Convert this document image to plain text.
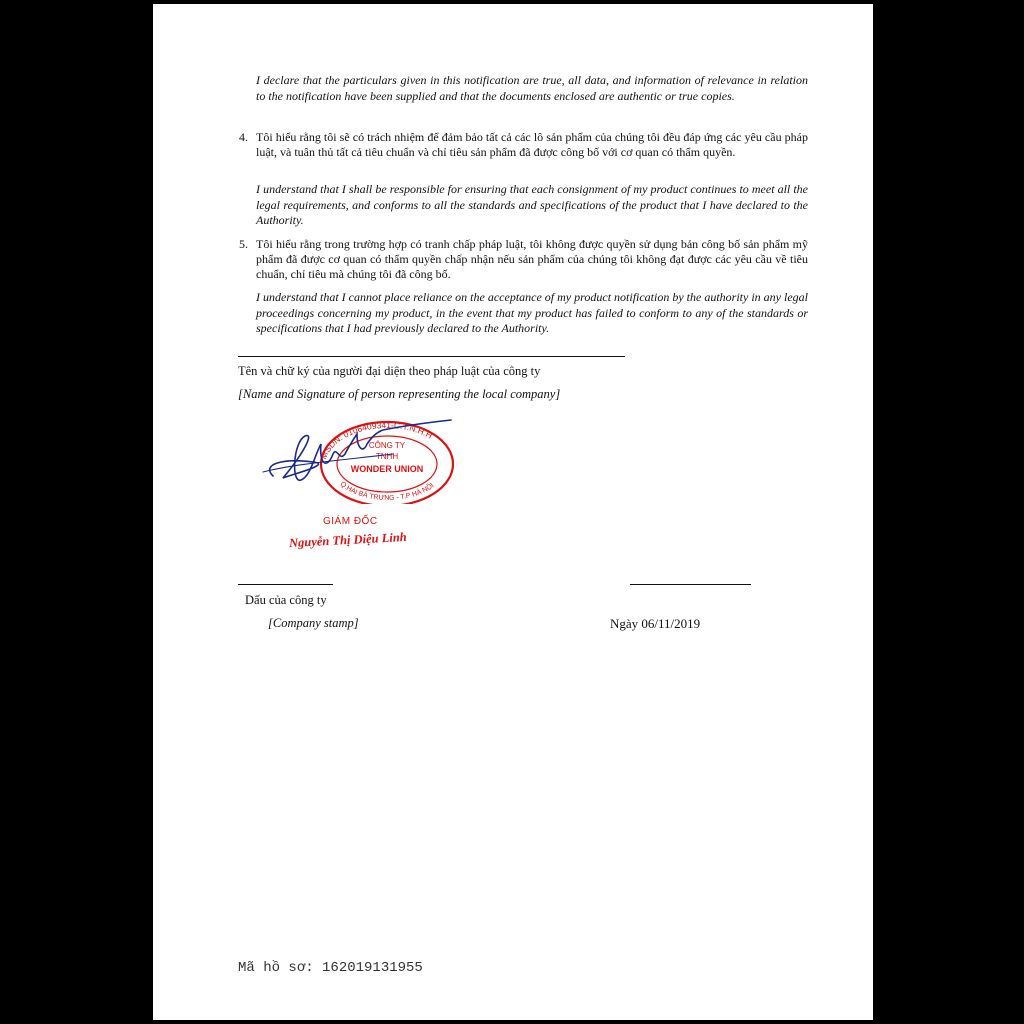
I declare that the particulars given in this notification are true, all data, and information of relevance in relation to the notification have been supplied and that the documents enclosed are authentic or true copies.
4. Tôi hiểu rằng tôi sẽ có trách nhiệm để đảm bảo tất cả các lô sản phẩm của chúng tôi đều đáp ứng các yêu cầu pháp luật, và tuân thủ tất cả tiêu chuẩn và chỉ tiêu sản phẩm đã được công bố với cơ quan có thẩm quyền.
I understand that I shall be responsible for ensuring that each consignment of my product continues to meet all the legal requirements, and conforms to all the standards and specifications of the product that I have declared to the Authority.
5. Tôi hiểu rằng trong trường hợp có tranh chấp pháp luật, tôi không được quyền sử dụng bản công bố sản phẩm mỹ phẩm đã được cơ quan có thẩm quyền chấp nhận nếu sản phẩm của chúng tôi không đạt được các yêu cầu về tiêu chuẩn, chỉ tiêu mà chúng tôi đã công bố.
I understand that I cannot place reliance on the acceptance of my product notification by the authority in any legal proceedings concerning my product, in the event that my product has failed to conform to any of the standards or specifications that I had previously declared to the Authority.
Tên và chữ ký của người đại diện theo pháp luật của công ty
[Name and Signature of person representing the local company]
MSDN: 0106409341-C.T.N.H.H
Q.HAI BÀ TRƯNG - T.P HÀ NỘI
CÔNG TY
TNHH
WONDER UNION
GIÁM ĐỐC
Nguyễn Thị Diệu Linh
Dấu của công ty
[Company stamp]	Ngày 06/11/2019
Mã hồ sơ: 162019131955
